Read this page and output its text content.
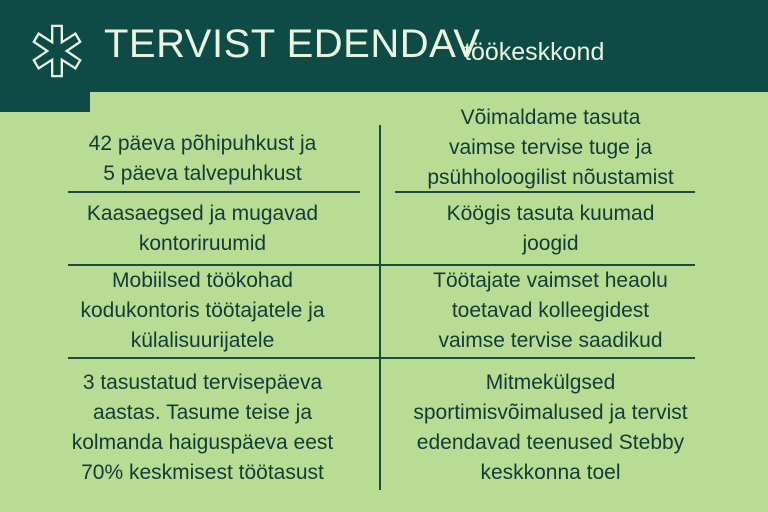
TERVIST EDENDAV
töökeskkond
42 päeva põhipuhkust ja
5 päeva talvepuhkust
Võimaldame tasuta
vaimse tervise tuge ja
psühholoogilist nõustamist
Kaasaegsed ja mugavad
kontoriruumid
Köögis tasuta kuumad
joogid
Mobiilsed töökohad
kodukontoris töötajatele ja
külalisuurijatele
Töötajate vaimset heaolu
toetavad kolleegidest
vaimse tervise saadikud
3 tasustatud tervisepäeva
aastas. Tasume teise ja
kolmanda haiguspäeva eest
70% keskmisest töötasust
Mitmekülgsed
sportimisvõimalused ja tervist
edendavad teenused Stebby
keskkonna toel
